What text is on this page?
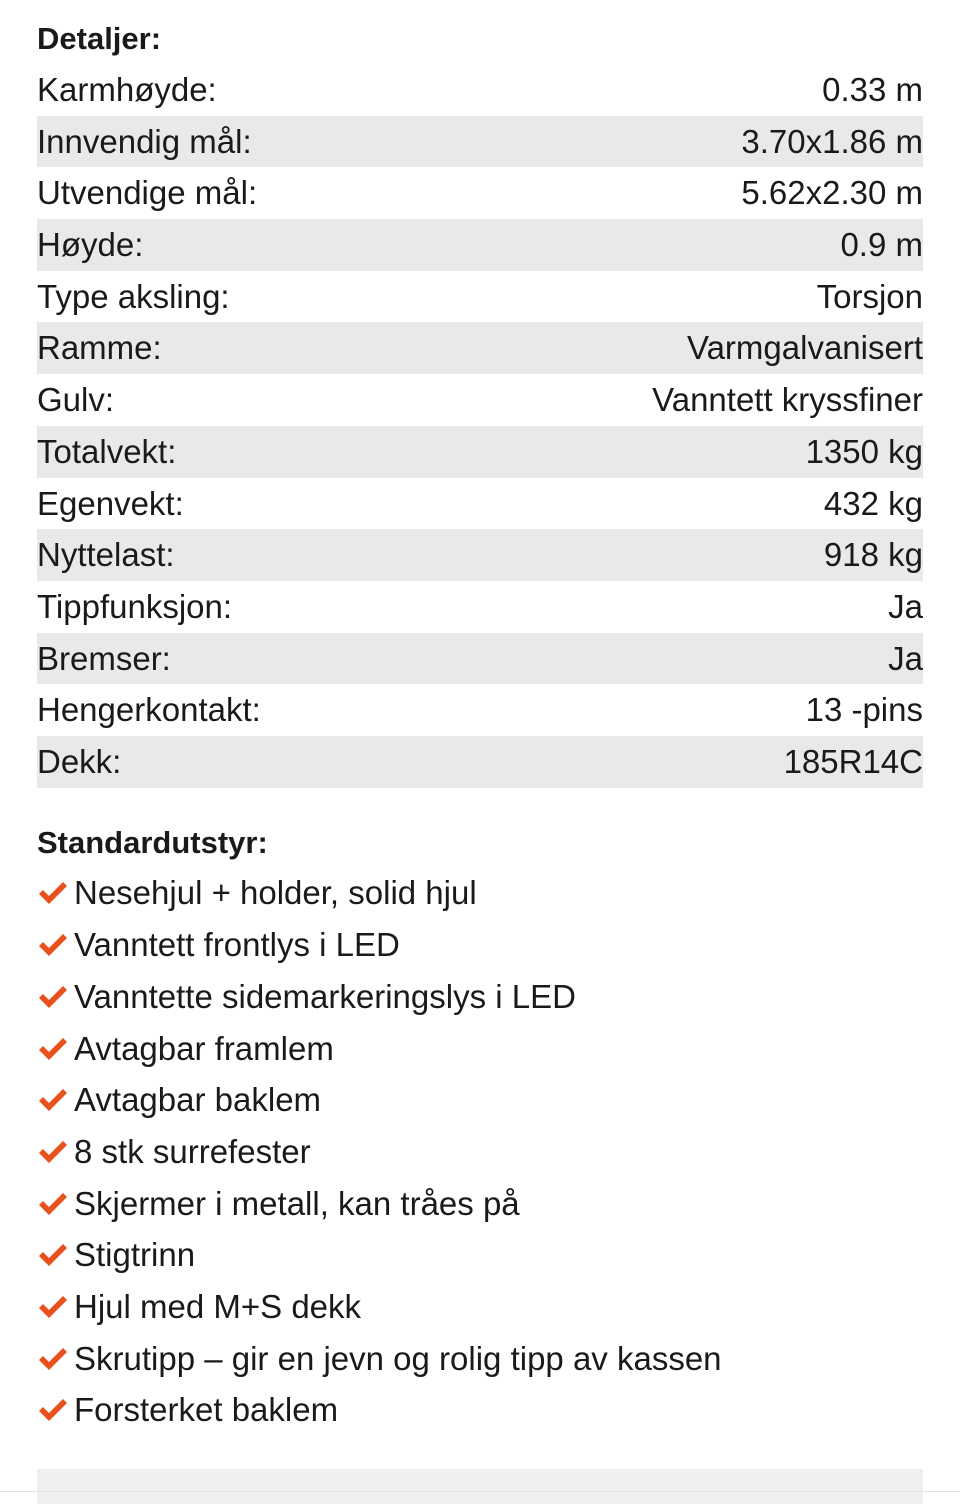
Detaljer:
Karmhøyde:	0.33 m
Innvendig mål:	3.70x1.86 m
Utvendige mål:	5.62x2.30 m
Høyde:	0.9 m
Type aksling:	Torsjon
Ramme:	Varmgalvanisert
Gulv:	Vanntett kryssfiner
Totalvekt:	1350 kg
Egenvekt:	432 kg
Nyttelast:	918 kg
Tippfunksjon:	Ja
Bremser:	Ja
Hengerkontakt:	13 -pins
Dekk:	185R14C
Standardutstyr:
Nesehjul + holder, solid hjul
Vanntett frontlys i LED
Vanntette sidemarkeringslys i LED
Avtagbar framlem
Avtagbar baklem
8 stk surrefester
Skjermer i metall, kan tråes på
Stigtrinn
Hjul med M+S dekk
Skrutipp – gir en jevn og rolig tipp av kassen
Forsterket baklem
